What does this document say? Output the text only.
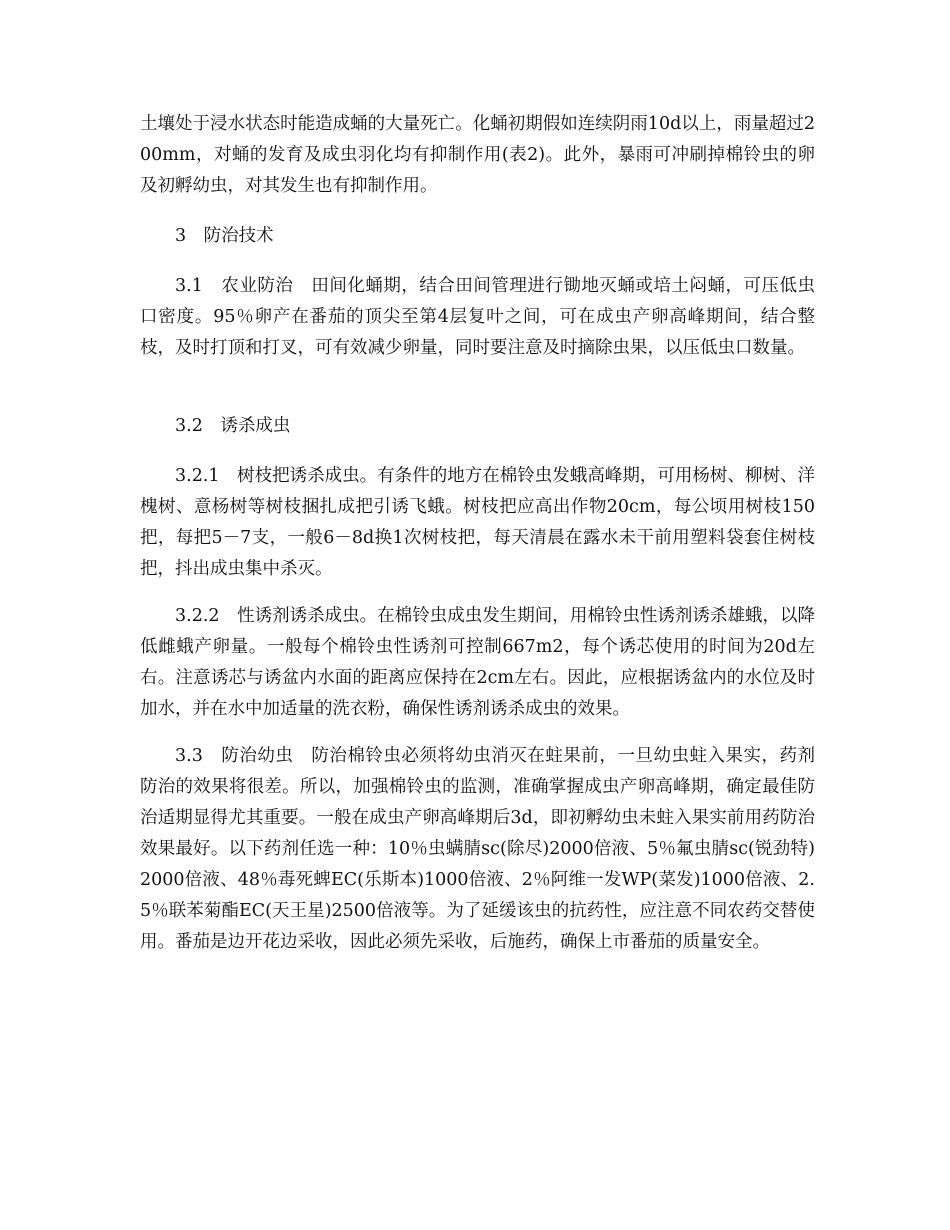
土壤处于浸水状态时能造成蛹的大量死亡。化蛹初期假如连续阴雨10d以上，雨量超过200mm，对蛹的发育及成虫羽化均有抑制作用(表2)。此外，暴雨可冲刷掉棉铃虫的卵及初孵幼虫，对其发生也有抑制作用。

3　防治技术

3.1　农业防治　田间化蛹期，结合田间管理进行锄地灭蛹或培土闷蛹，可压低虫口密度。95％卵产在番茄的顶尖至第4层复叶之间，可在成虫产卵高峰期间，结合整枝，及时打顶和打叉，可有效减少卵量，同时要注意及时摘除虫果，以压低虫口数量。

3.2　诱杀成虫

3.2.1　树枝把诱杀成虫。有条件的地方在棉铃虫发蛾高峰期，可用杨树、柳树、洋槐树、意杨树等树枝捆扎成把引诱飞蛾。树枝把应高出作物20cm，每公顷用树枝150把，每把5－7支，一般6－8d换1次树枝把，每天清晨在露水未干前用塑料袋套住树枝把，抖出成虫集中杀灭。

3.2.2　性诱剂诱杀成虫。在棉铃虫成虫发生期间，用棉铃虫性诱剂诱杀雄蛾，以降低雌蛾产卵量。一般每个棉铃虫性诱剂可控制667m2，每个诱芯使用的时间为20d左右。注意诱芯与诱盆内水面的距离应保持在2cm左右。因此，应根据诱盆内的水位及时加水，并在水中加适量的洗衣粉，确保性诱剂诱杀成虫的效果。

3.3　防治幼虫　防治棉铃虫必须将幼虫消灭在蛀果前，一旦幼虫蛀入果实，药剂防治的效果将很差。所以，加强棉铃虫的监测，准确掌握成虫产卵高峰期，确定最佳防治适期显得尤其重要。一般在成虫产卵高峰期后3d，即初孵幼虫未蛀入果实前用药防治效果最好。以下药剂任选一种：10％虫螨腈sc(除尽)2000倍液、5％氟虫腈sc(锐劲特)2000倍液、48％毒死蜱EC(乐斯本)1000倍液、2％阿维一发WP(菜发)1000倍液、2.5％联苯菊酯EC(天王星)2500倍液等。为了延缓该虫的抗药性，应注意不同农药交替使用。番茄是边开花边采收，因此必须先采收，后施药，确保上市番茄的质量安全。
